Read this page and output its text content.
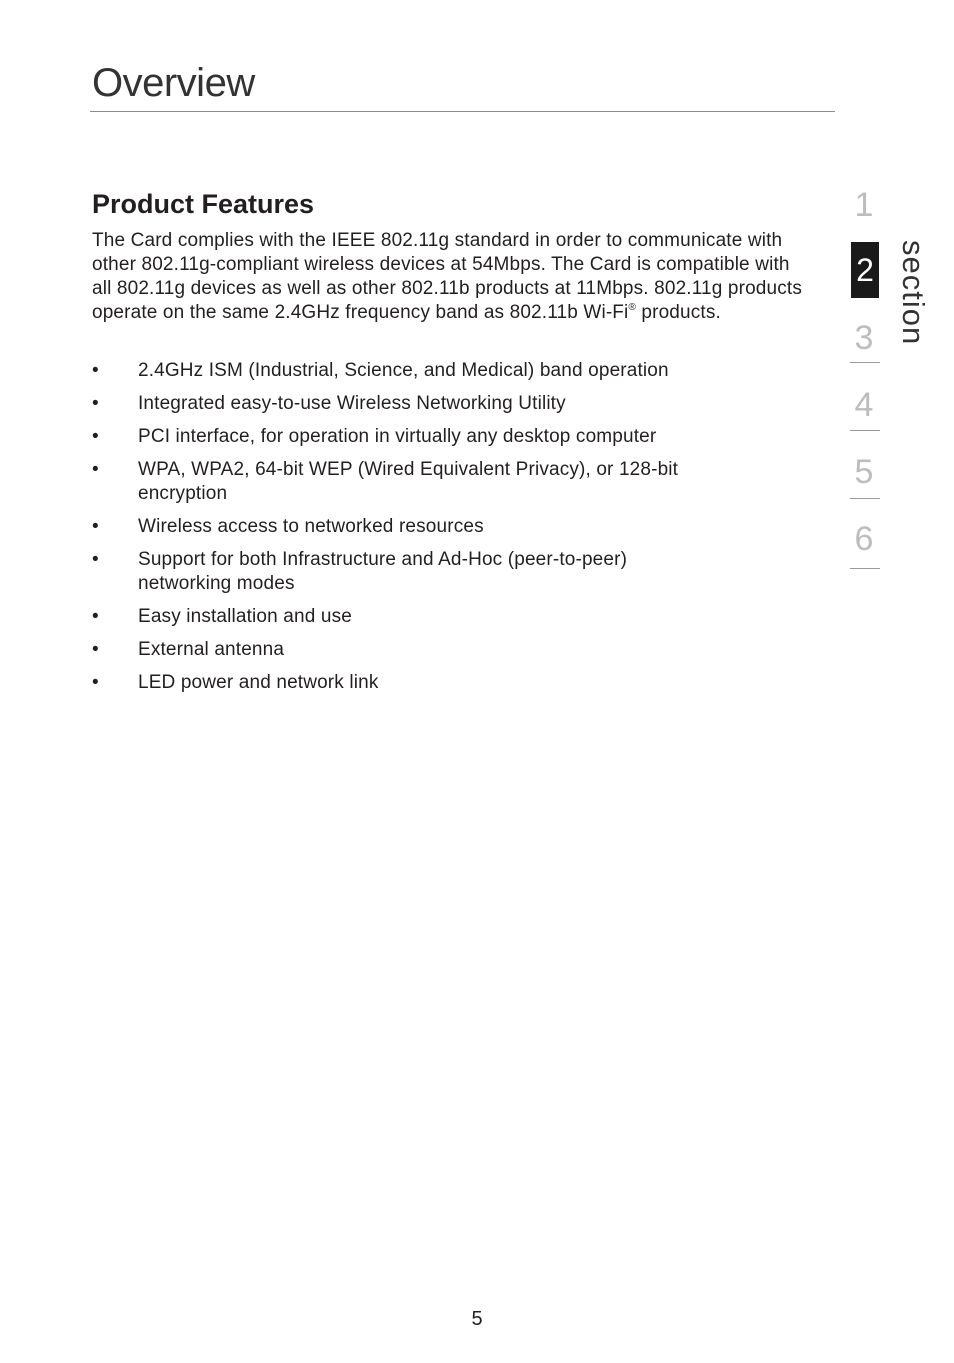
Overview
Product Features

The Card complies with the IEEE 802.11g standard in order to communicate with other 802.11g-compliant wireless devices at 54Mbps. The Card is compatible with all 802.11g devices as well as other 802.11b products at 11Mbps. 802.11g products operate on the same 2.4GHz frequency band as 802.11b Wi-Fi® products.

•	2.4GHz ISM (Industrial, Science, and Medical) band operation
•	Integrated easy-to-use Wireless Networking Utility
•	PCI interface, for operation in virtually any desktop computer
•	WPA, WPA2, 64-bit WEP (Wired Equivalent Privacy), or 128-bit encryption
•	Wireless access to networked resources
•	Support for both Infrastructure and Ad-Hoc (peer-to-peer) networking modes
•	Easy installation and use
•	External antenna
•	LED power and network link
1
2
3
4
5
6
section
5
